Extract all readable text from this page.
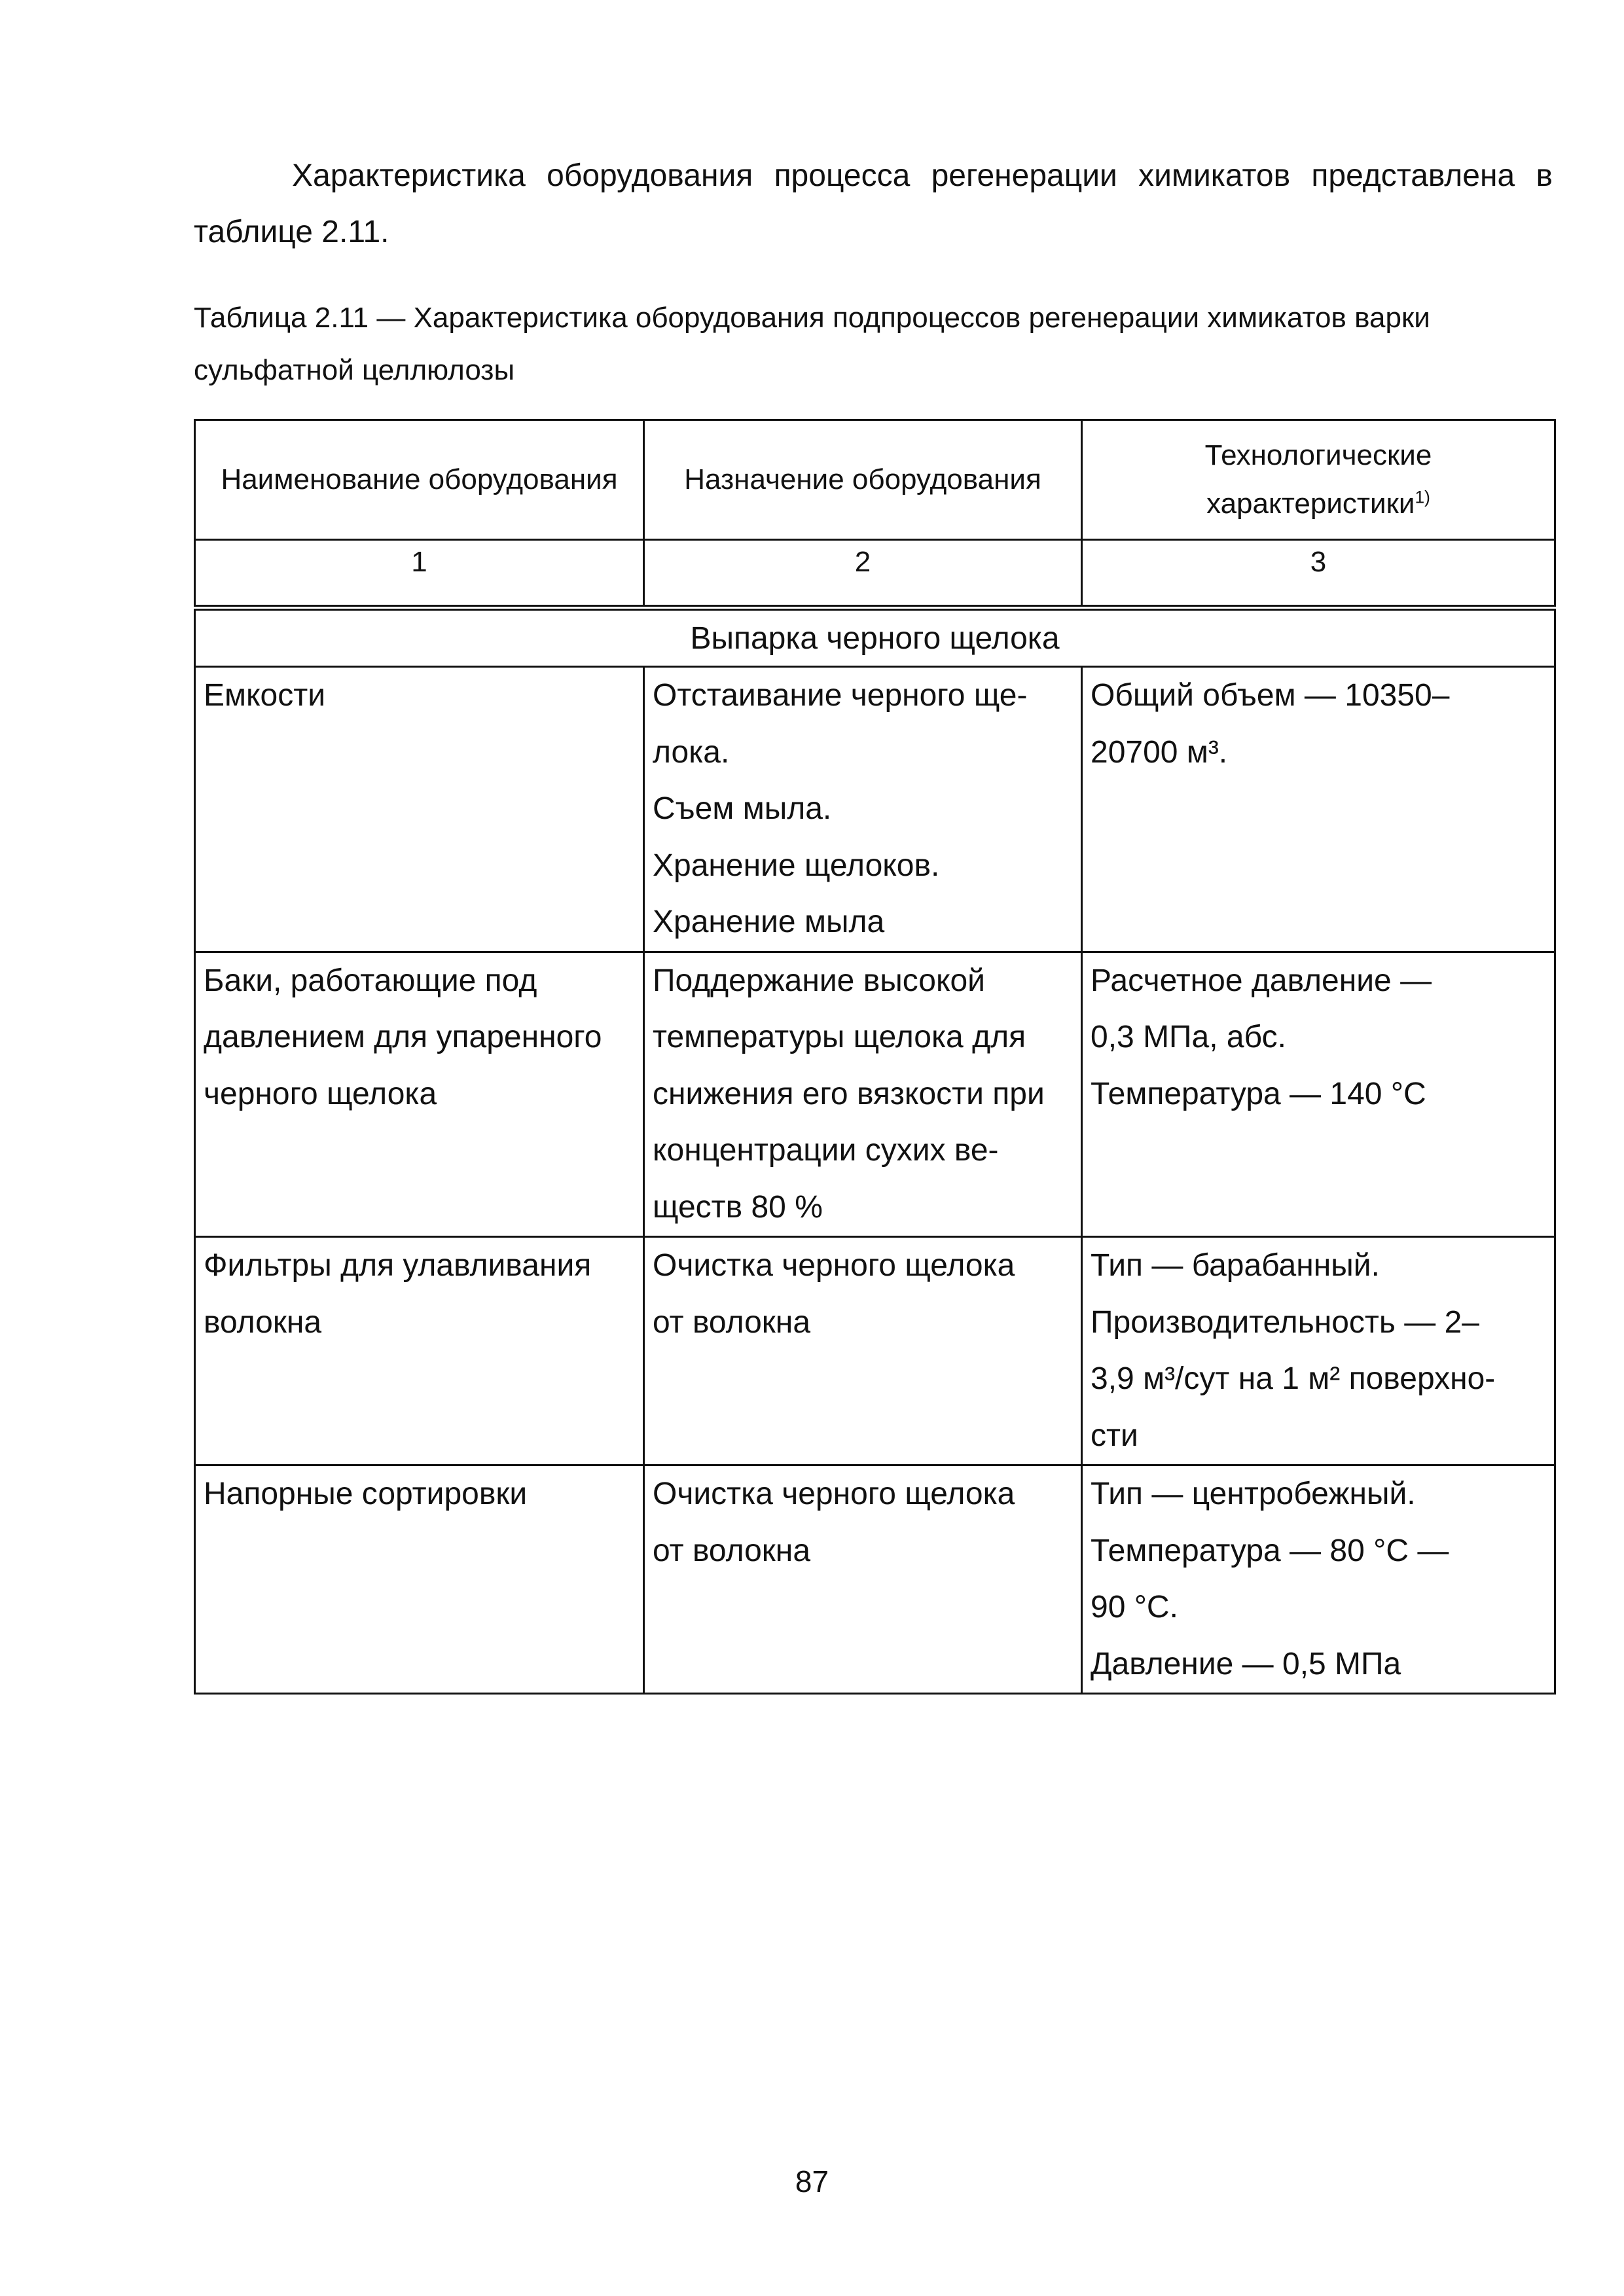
Характеристика оборудования процесса регенерации химикатов представлена в таблице 2.11.

Таблица 2.11 — Характеристика оборудования подпроцессов регенерации химикатов варки сульфатной целлюлозы

Наименование оборудования	Назначение оборудования	Технологические характеристики$^{1)}$
1	2	3
Выпарка черного щелока		
Емкости	Отстаивание черного ще-
лока.
Съем мыла.
Хранение щелоков.
Хранение мыла	Общий объем — 10350–
20700 м³.
Баки, работающие под
давлением для упаренного
черного щелока	Поддержание высокой
температуры щелока для
снижения его вязкости при
концентрации сухих ве-
ществ 80 %	Расчетное давление —
0,3 МПа, абс.
Температура — 140 °С
Фильтры для улавливания
волокна	Очистка черного щелока
от волокна	Тип — барабанный.
Производительность — 2–
3,9 м³/сут на 1 м² поверхно-
сти
Напорные сортировки	Очистка черного щелока
от волокна	Тип — центробежный.
Температура — 80 °С —
90 °С.
Давление — 0,5 МПа

87
